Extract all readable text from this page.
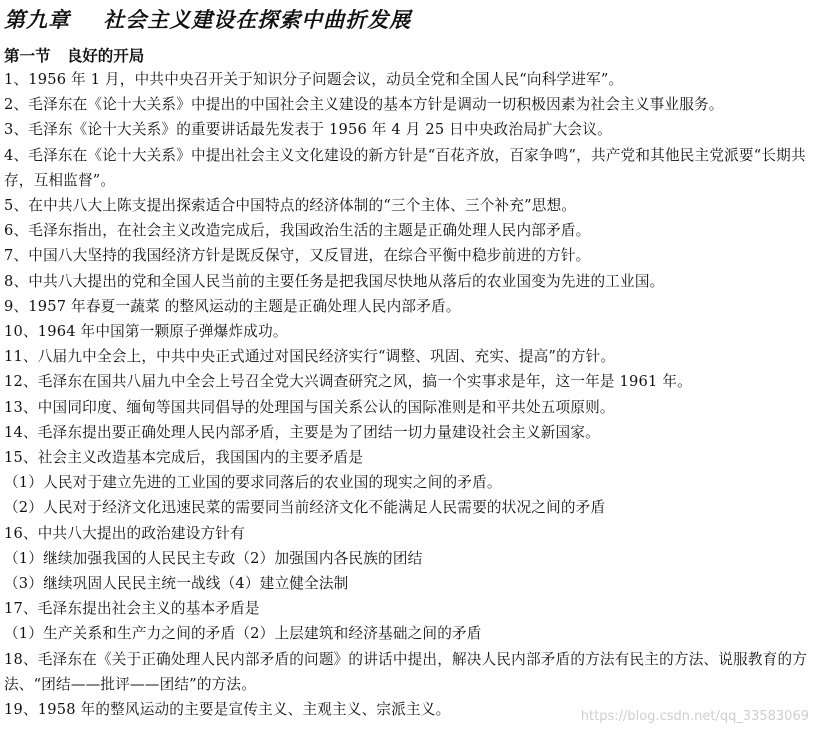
第九章    社会主义建设在探索中曲折发展
第一节   良好的开局

1、1956 年 1 月，中共中央召开关于知识分子问题会议，动员全党和全国人民“向科学进军”。

2、毛泽东在《论十大关系》中提出的中国社会主义建设的基本方针是调动一切积极因素为社会主义事业服务。

3、毛泽东《论十大关系》的重要讲话最先发表于 1956 年 4 月 25 日中央政治局扩大会议。

4、毛泽东在《论十大关系》中提出社会主义文化建设的新方针是“百花齐放，百家争鸣”，共产党和其他民主党派要“长期共存，互相监督”。

5、在中共八大上陈支提出探索适合中国特点的经济体制的“三个主体、三个补充”思想。

6、毛泽东指出，在社会主义改造完成后，我国政治生活的主题是正确处理人民内部矛盾。

7、中国八大坚持的我国经济方针是既反保守，又反冒进，在综合平衡中稳步前进的方针。

8、中共八大提出的党和全国人民当前的主要任务是把我国尽快地从落后的农业国变为先进的工业国。

9、1957 年春夏一蔬菜 的整风运动的主题是正确处理人民内部矛盾。

10、1964 年中国第一颗原子弹爆炸成功。

11、八届九中全会上，中共中央正式通过对国民经济实行“调整、巩固、充实、提高”的方针。

12、毛泽东在国共八届九中全会上号召全党大兴调查研究之风，搞一个实事求是年，这一年是 1961 年。

13、中国同印度、缅甸等国共同倡导的处理国与国关系公认的国际准则是和平共处五项原则。

14、毛泽东提出要正确处理人民内部矛盾，主要是为了团结一切力量建设社会主义新国家。

15、社会主义改造基本完成后，我国国内的主要矛盾是

（1）人民对于建立先进的工业国的要求同落后的农业国的现实之间的矛盾。

（2）人民对于经济文化迅速民菜的需要同当前经济文化不能满足人民需要的状况之间的矛盾

16、中共八大提出的政治建设方针有

（1）继续加强我国的人民民主专政（2）加强国内各民族的团结

（3）继续巩固人民民主统一战线（4）建立健全法制

17、毛泽东提出社会主义的基本矛盾是

（1）生产关系和生产力之间的矛盾（2）上层建筑和经济基础之间的矛盾

18、毛泽东在《关于正确处理人民内部矛盾的问题》的讲话中提出，解决人民内部矛盾的方法有民主的方法、说服教育的方法、“团结——批评——团结”的方法。

19、1958 年的整风运动的主要是宣传主义、主观主义、宗派主义。	https://blog.csdn.net/qq_33583069
